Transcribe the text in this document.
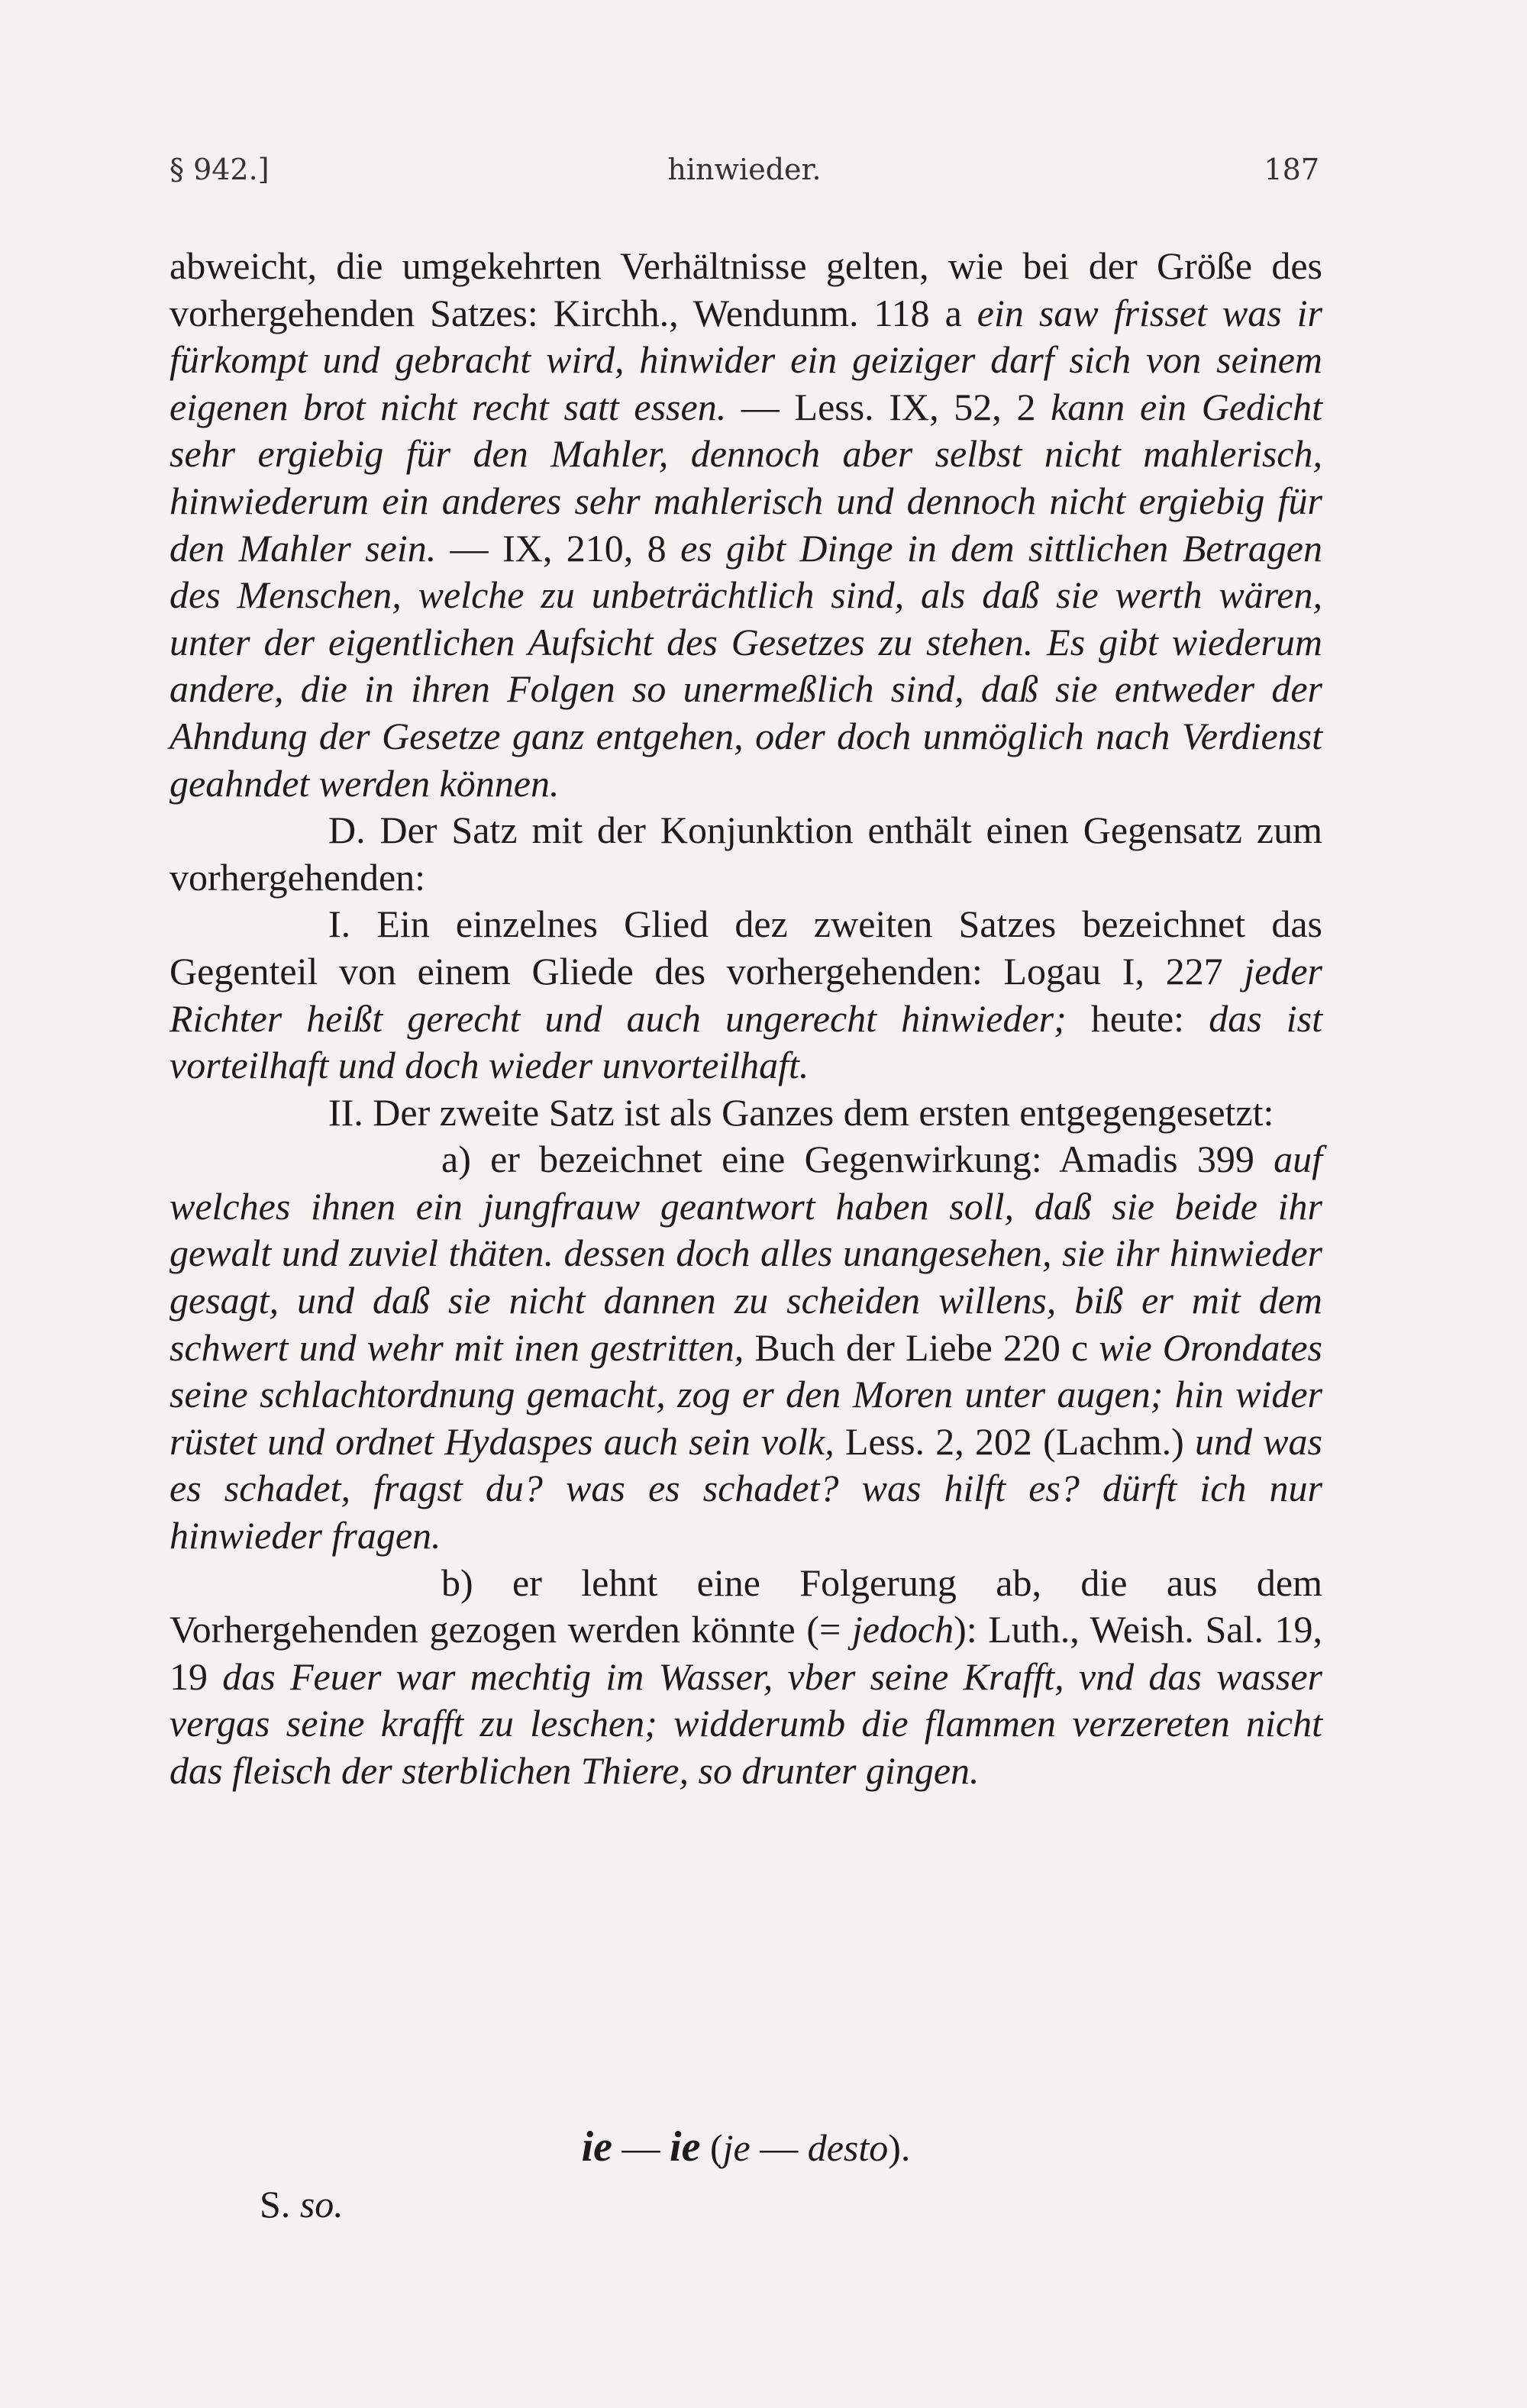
hinwieder.
§ 942.]	187

abweicht, die umgekehrten Verhältnisse gelten, wie bei der Größe des vorhergehenden Satzes: Kirchh., Wendunm. 118 a ein saw frisset was ir fürkompt und gebracht wird, hinwider ein geiziger darf sich von seinem eigenen brot nicht recht satt essen. — Less. IX, 52, 2 kann ein Gedicht sehr ergiebig für den Mahler, dennoch aber selbst nicht mahlerisch, hinwiederum ein anderes sehr mahlerisch und dennoch nicht ergiebig für den Mahler sein. — IX, 210, 8 es gibt Dinge in dem sittlichen Betragen des Menschen, welche zu unbeträchtlich sind, als daß sie werth wären, unter der eigentlichen Aufsicht des Gesetzes zu stehen. Es gibt wiederum andere, die in ihren Folgen so unermeßlich sind, daß sie entweder der Ahndung der Gesetze ganz entgehen, oder doch unmöglich nach Verdienst geahndet werden können.

D. Der Satz mit der Konjunktion enthält einen Gegensatz zum vorhergehenden:

I. Ein einzelnes Glied dez zweiten Satzes bezeichnet das Gegenteil von einem Gliede des vorhergehenden: Logau I, 227 jeder Richter heißt gerecht und auch ungerecht hinwieder; heute: das ist vorteilhaft und doch wieder unvorteilhaft.

II. Der zweite Satz ist als Ganzes dem ersten entgegengesetzt:

a) er bezeichnet eine Gegenwirkung: Amadis 399 auf welches ihnen ein jungfrauw geantwort haben soll, daß sie beide ihr gewalt und zuviel thäten. dessen doch alles unangesehen, sie ihr hinwieder gesagt, und daß sie nicht dannen zu scheiden willens, biß er mit dem schwert und wehr mit inen gestritten, Buch der Liebe 220 c wie Orondates seine schlachtordnung gemacht, zog er den Moren unter augen; hin wider rüstet und ordnet Hydaspes auch sein volk, Less. 2, 202 (Lachm.) und was es schadet, fragst du? was es schadet? was hilft es? dürft ich nur hinwieder fragen.

b) er lehnt eine Folgerung ab, die aus dem Vorhergehenden gezogen werden könnte (= jedoch): Luth., Weish. Sal. 19, 19 das Feuer war mechtig im Wasser, vber seine Krafft, vnd das wasser vergas seine krafft zu leschen; widderumb die flammen verzereten nicht das fleisch der sterblichen Thiere, so drunter gingen.

ie — ie (je — desto).
S. so.
